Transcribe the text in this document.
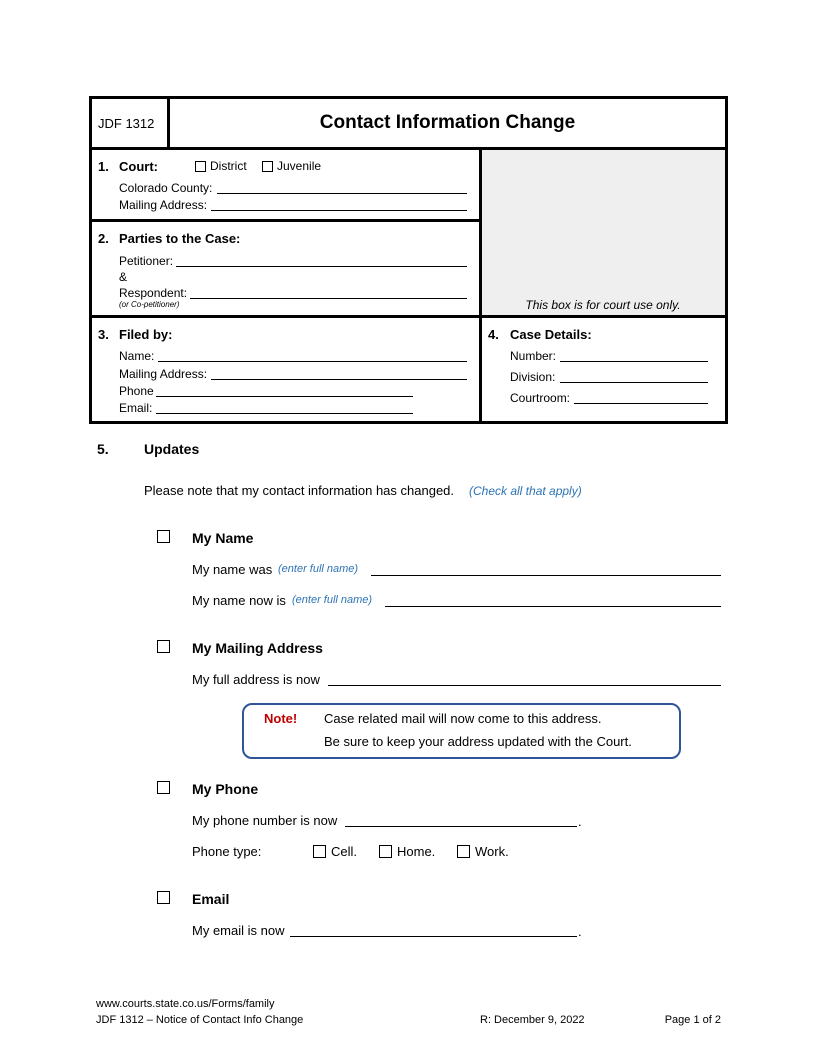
JDF 1312	Contact Information Change
1. Court:	District	Juvenile
Colorado County:
Mailing Address:
This box is for court use only.
2. Parties to the Case:
Petitioner:
&
Respondent:
(or Co-petitioner)
3. Filed by:
Name:
Mailing Address:
Phone
Email:
4. Case Details:
Number:
Division:
Courtroom:
5.	Updates
Please note that my contact information has changed. (Check all that apply)
My Name
My name was (enter full name)
My name now is (enter full name)
My Mailing Address
My full address is now
Note! Case related mail will now come to this address.
Be sure to keep your address updated with the Court.
My Phone
My phone number is now	.
Phone type:	Cell.	Home.	Work.
Email
My email is now	.
www.courts.state.co.us/Forms/family
JDF 1312 – Notice of Contact Info Change	R: December 9, 2022	Page 1 of 2
